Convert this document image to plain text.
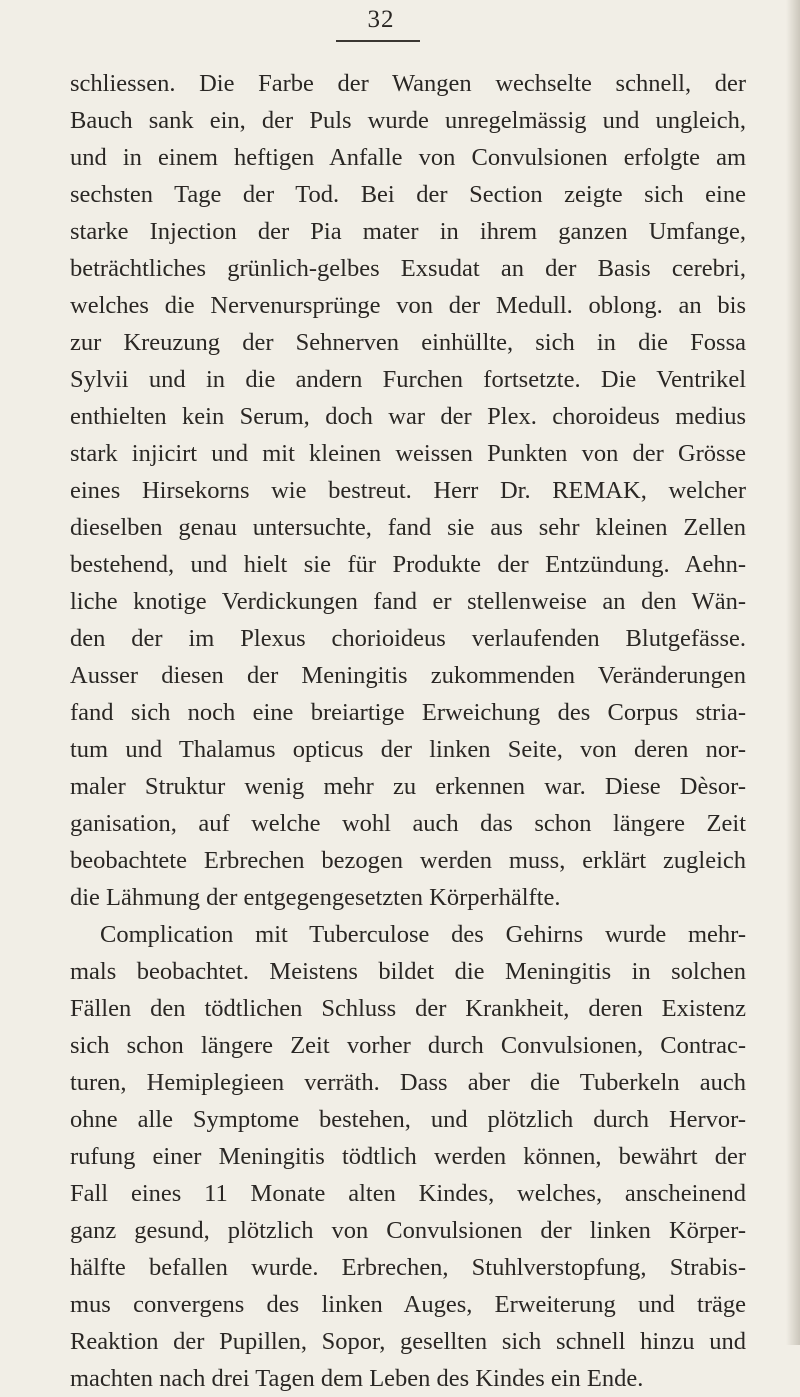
32
schliessen. Die Farbe der Wangen wechselte schnell, der
Bauch sank ein, der Puls wurde unregelmässig und ungleich,
und in einem heftigen Anfalle von Convulsionen erfolgte am
sechsten Tage der Tod. Bei der Section zeigte sich eine
starke Injection der Pia mater in ihrem ganzen Umfange,
beträchtliches grünlich-gelbes Exsudat an der Basis cerebri,
welches die Nervenursprünge von der Medull. oblong. an bis
zur Kreuzung der Sehnerven einhüllte, sich in die Fossa
Sylvii und in die andern Furchen fortsetzte. Die Ventrikel
enthielten kein Serum, doch war der Plex. choroideus medius
stark injicirt und mit kleinen weissen Punkten von der Grösse
eines Hirsekorns wie bestreut. Herr Dr. REMAK, welcher
dieselben genau untersuchte, fand sie aus sehr kleinen Zellen
bestehend, und hielt sie für Produkte der Entzündung. Aehn-
liche knotige Verdickungen fand er stellenweise an den Wän-
den der im Plexus chorioideus verlaufenden Blutgefässe.
Ausser diesen der Meningitis zukommenden Veränderungen
fand sich noch eine breiartige Erweichung des Corpus stria-
tum und Thalamus opticus der linken Seite, von deren nor-
maler Struktur wenig mehr zu erkennen war. Diese Dèsor-
ganisation, auf welche wohl auch das schon längere Zeit
beobachtete Erbrechen bezogen werden muss, erklärt zugleich
die Lähmung der entgegengesetzten Körperhälfte.
Complication mit Tuberculose des Gehirns wurde mehr-
mals beobachtet. Meistens bildet die Meningitis in solchen
Fällen den tödtlichen Schluss der Krankheit, deren Existenz
sich schon längere Zeit vorher durch Convulsionen, Contrac-
turen, Hemiplegieen verräth. Dass aber die Tuberkeln auch
ohne alle Symptome bestehen, und plötzlich durch Hervor-
rufung einer Meningitis tödtlich werden können, bewährt der
Fall eines 11 Monate alten Kindes, welches, anscheinend
ganz gesund, plötzlich von Convulsionen der linken Körper-
hälfte befallen wurde. Erbrechen, Stuhlverstopfung, Strabis-
mus convergens des linken Auges, Erweiterung und träge
Reaktion der Pupillen, Sopor, gesellten sich schnell hinzu und
machten nach drei Tagen dem Leben des Kindes ein Ende.
